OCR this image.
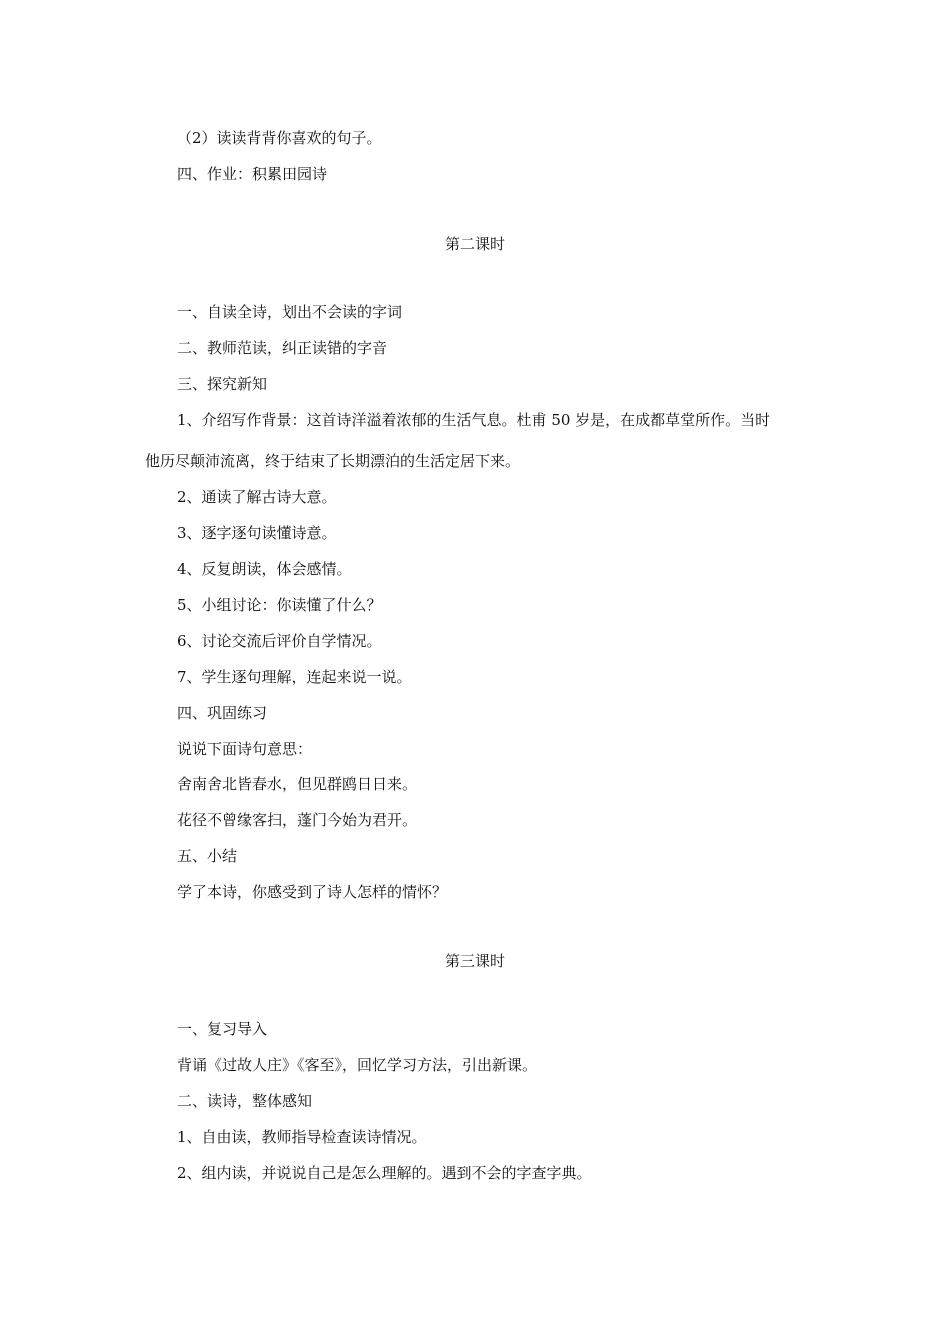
（2）读读背背你喜欢的句子。
四、作业：积累田园诗
第二课时
一、自读全诗，划出不会读的字词
二、教师范读，纠正读错的字音
三、探究新知
1、介绍写作背景：这首诗洋溢着浓郁的生活气息。杜甫 50 岁是，在成都草堂所作。当时
他历尽颠沛流离，终于结束了长期漂泊的生活定居下来。
2、通读了解古诗大意。
3、逐字逐句读懂诗意。
4、反复朗读，体会感情。
5、小组讨论：你读懂了什么？
6、讨论交流后评价自学情况。
7、学生逐句理解，连起来说一说。
四、巩固练习
说说下面诗句意思：
舍南舍北皆春水，但见群鸥日日来。
花径不曾缘客扫，蓬门今始为君开。
五、小结
学了本诗，你感受到了诗人怎样的情怀？
第三课时
一、复习导入
背诵《过故人庄》《客至》，回忆学习方法，引出新课。
二、读诗，整体感知
1、自由读，教师指导检查读诗情况。
2、组内读，并说说自己是怎么理解的。遇到不会的字查字典。
